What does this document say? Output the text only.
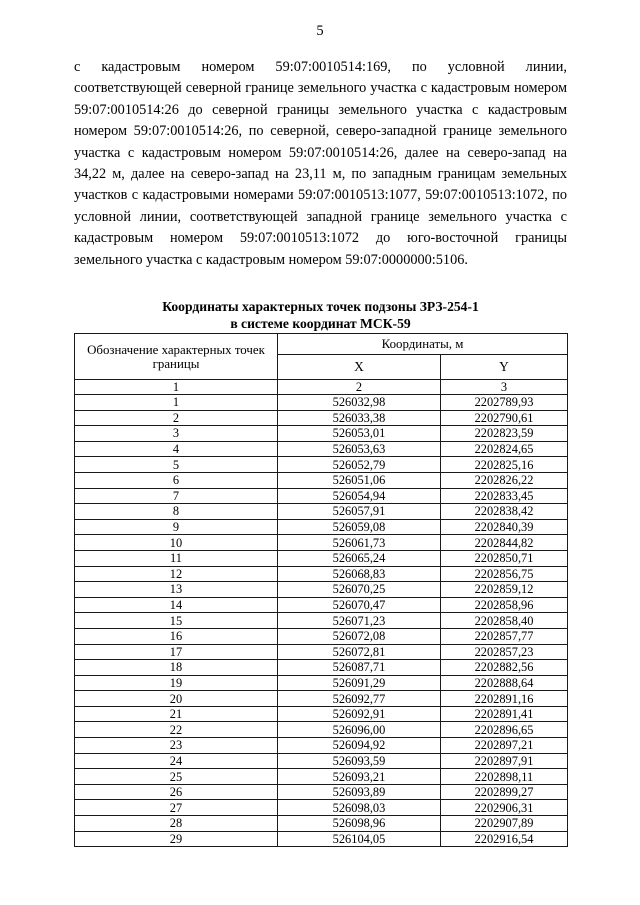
5

с кадастровым номером 59:07:0010514:169, по условной линии, соответствующей северной границе земельного участка с кадастровым номером 59:07:0010514:26 до северной границы земельного участка с кадастровым номером 59:07:0010514:26, по северной, северо-западной границе земельного участка с кадастровым номером 59:07:0010514:26, далее на северо-запад на 34,22 м, далее на северо-запад на 23,11 м, по западным границам земельных участков с кадастровыми номерами 59:07:0010513:1077, 59:07:0010513:1072, по условной линии, соответствующей западной границе земельного участка с кадастровым номером 59:07:0010513:1072 до юго-восточной границы земельного участка с кадастровым номером 59:07:0000000:5106.

Координаты характерных точек подзоны ЗРЗ-254-1
в системе координат МСК-59
Обозначение характерных точек границы	Координаты, м	
	X	Y
1	2	3
1	526032,98	2202789,93
2	526033,38	2202790,61
3	526053,01	2202823,59
4	526053,63	2202824,65
5	526052,79	2202825,16
6	526051,06	2202826,22
7	526054,94	2202833,45
8	526057,91	2202838,42
9	526059,08	2202840,39
10	526061,73	2202844,82
11	526065,24	2202850,71
12	526068,83	2202856,75
13	526070,25	2202859,12
14	526070,47	2202858,96
15	526071,23	2202858,40
16	526072,08	2202857,77
17	526072,81	2202857,23
18	526087,71	2202882,56
19	526091,29	2202888,64
20	526092,77	2202891,16
21	526092,91	2202891,41
22	526096,00	2202896,65
23	526094,92	2202897,21
24	526093,59	2202897,91
25	526093,21	2202898,11
26	526093,89	2202899,27
27	526098,03	2202906,31
28	526098,96	2202907,89
29	526104,05	2202916,54
